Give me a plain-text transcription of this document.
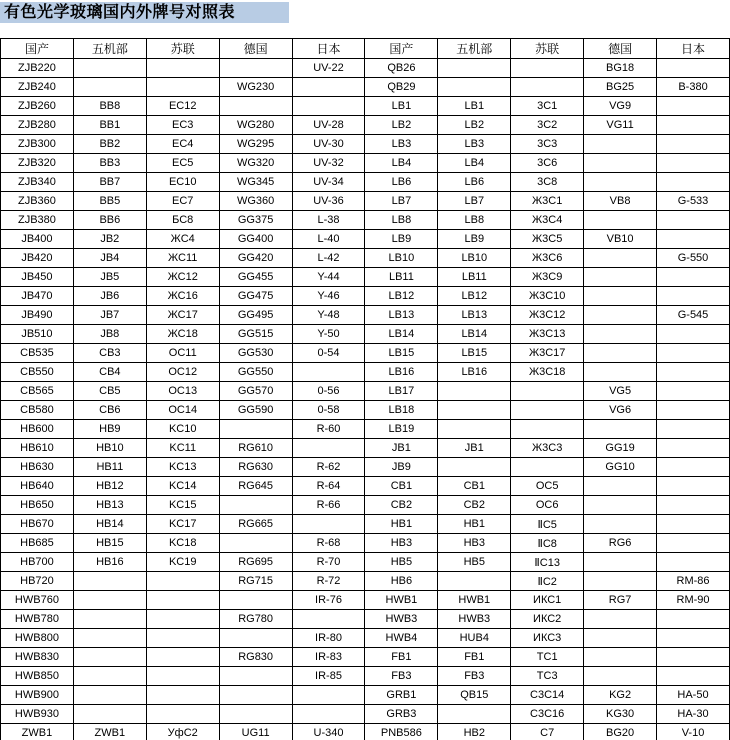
有色光学玻璃国内外牌号对照表
国产	五机部	苏联	德国	日本	国产	五机部	苏联	德国	日本
ZJB220				UV-22	QB26			BG18	
ZJB240			WG230		QB29			BG25	B-380
ZJB260	BB8	EC12			LB1	LB1	3C1	VG9	
ZJB280	BB1	EC3	WG280	UV-28	LB2	LB2	3C2	VG11	
ZJB300	BB2	EC4	WG295	UV-30	LB3	LB3	3C3		
ZJB320	BB3	EC5	WG320	UV-32	LB4	LB4	3C6		
ZJB340	BB7	EC10	WG345	UV-34	LB6	LB6	3C8		
ZJB360	BB5	EC7	WG360	UV-36	LB7	LB7	Ж3С1	VB8	G-533
ZJB380	BB6	БС8	GG375	L-38	LB8	LB8	Ж3С4		
JB400	JB2	ЖС4	GG400	L-40	LB9	LB9	Ж3С5	VB10	
JB420	JB4	ЖС11	GG420	L-42	LB10	LB10	Ж3С6		G-550
JB450	JB5	ЖС12	GG455	Y-44	LB11	LB11	Ж3С9		
JB470	JB6	ЖС16	GG475	Y-46	LB12	LB12	Ж3С10		
JB490	JB7	ЖС17	GG495	Y-48	LB13	LB13	Ж3С12		G-545
JB510	JB8	ЖС18	GG515	Y-50	LB14	LB14	Ж3С13		
CB535	CB3	OC11	GG530	0-54	LB15	LB15	Ж3С17		
CB550	CB4	OC12	GG550		LB16	LB16	Ж3С18		
CB565	CB5	OC13	GG570	0-56	LB17			VG5	
CB580	CB6	OC14	GG590	0-58	LB18			VG6	
HB600	HB9	KC10		R-60	LB19				
HB610	HB10	KC11	RG610		JB1	JB1	Ж3С3	GG19	
HB630	HB11	KC13	RG630	R-62	JB9			GG10	
HB640	HB12	KC14	RG645	R-64	CB1	CB1	OC5		
HB650	HB13	KC15		R-66	CB2	CB2	OC6		
HB670	HB14	KC17	RG665		HB1	HB1	ⅡС5		
HB685	HB15	KC18		R-68	HB3	HB3	ⅡС8	RG6	
HB700	HB16	KC19	RG695	R-70	HB5	HB5	ⅡС13		
HB720			RG715	R-72	HB6		ⅡС2		RM-86
HWB760				IR-76	HWB1	HWB1	ИКС1	RG7	RM-90
HWB780			RG780		HWB3	HWB3	ИКС2		
HWB800				IR-80	HWB4	HUB4	ИКС3		
HWB830			RG830	IR-83	FB1	FB1	TC1		
HWB850				IR-85	FB3	FB3	TC3		
HWB900					GRB1	QB15	C3C14	KG2	HA-50
HWB930					GRB3		C3C16	KG30	HA-30
ZWB1	ZWB1	УфС2	UG11	U-340	PNB586	HB2	C7	BG20	V-10
